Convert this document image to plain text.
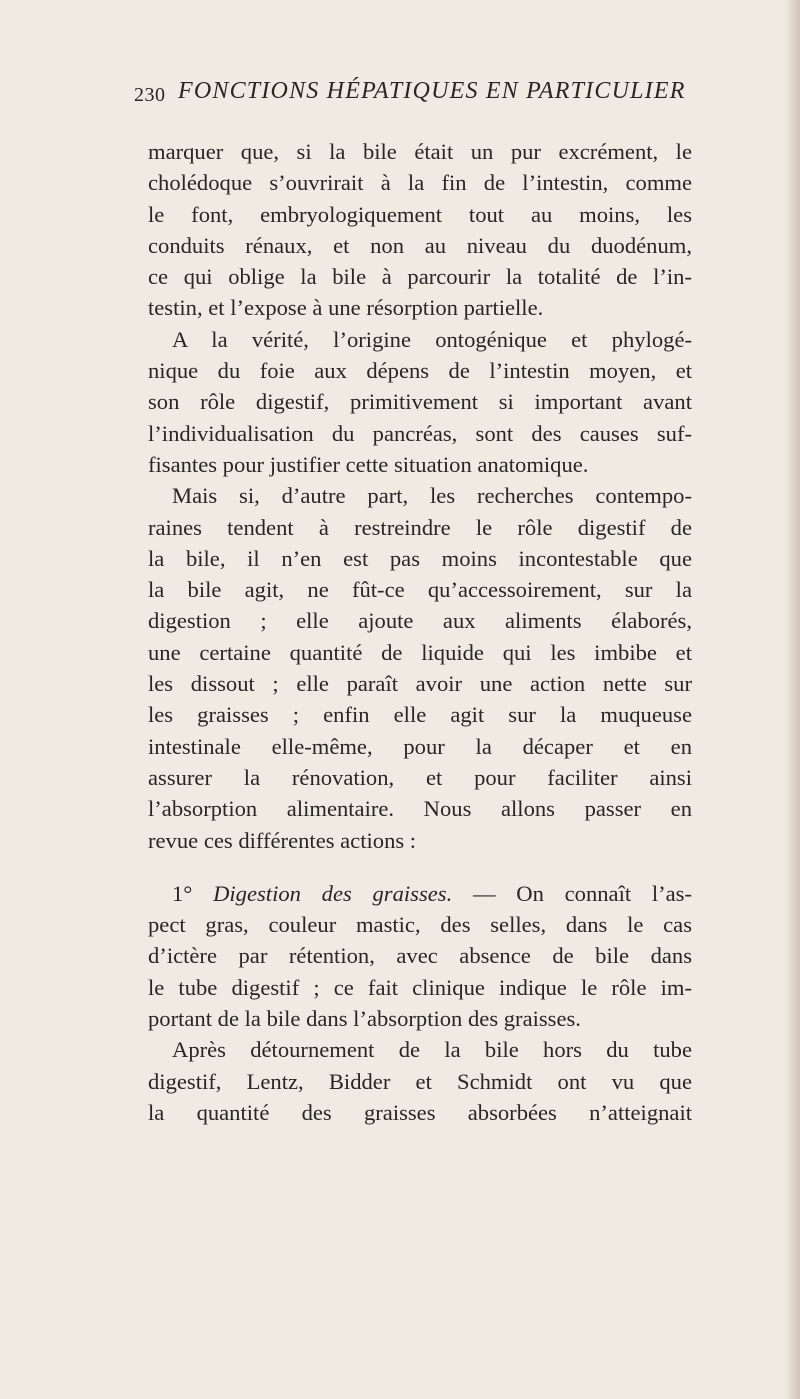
230 FONCTIONS HÉPATIQUES EN PARTICULIER
marquer que, si la bile était un pur excrément, le
cholédoque s’ouvrirait à la fin de l’intestin, comme
le font, embryologiquement tout au moins, les
conduits rénaux, et non au niveau du duodénum,
ce qui oblige la bile à parcourir la totalité de l’in-
testin, et l’expose à une résorption partielle.
A la vérité, l’origine ontogénique et phylogé-
nique du foie aux dépens de l’intestin moyen, et
son rôle digestif, primitivement si important avant
l’individualisation du pancréas, sont des causes suf-
fisantes pour justifier cette situation anatomique.
Mais si, d’autre part, les recherches contempo-
raines tendent à restreindre le rôle digestif de
la bile, il n’en est pas moins incontestable que
la bile agit, ne fût-ce qu’accessoirement, sur la
digestion ; elle ajoute aux aliments élaborés,
une certaine quantité de liquide qui les imbibe et
les dissout ; elle paraît avoir une action nette sur
les graisses ; enfin elle agit sur la muqueuse
intestinale elle-même, pour la décaper et en
assurer la rénovation, et pour faciliter ainsi
l’absorption alimentaire. Nous allons passer en
revue ces différentes actions :
1° Digestion des graisses. — On connaît l’as-
pect gras, couleur mastic, des selles, dans le cas
d’ictère par rétention, avec absence de bile dans
le tube digestif ; ce fait clinique indique le rôle im-
portant de la bile dans l’absorption des graisses.
Après détournement de la bile hors du tube
digestif, Lentz, Bidder et Schmidt ont vu que
la quantité des graisses absorbées n’atteignait
